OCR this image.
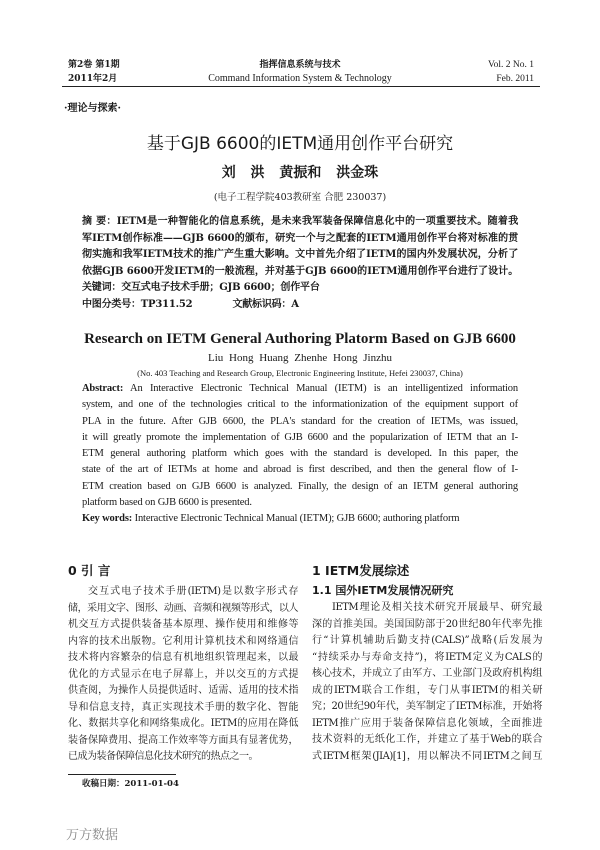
第2卷 第1期
2011年2月
指挥信息系统与技术
Command Information System & Technology
Vol. 2 No. 1
Feb. 2011
·理论与探索·
基于GJB 6600的IETM通用创作平台研究
刘 洪 黄振和 洪金珠
(电子工程学院403教研室 合肥 230037)
摘 要：IETM是一种智能化的信息系统，是未来我军装备保障信息化中的一项重要技术。随着我
军IETM创作标准——GJB 6600的颁布，研究一个与之配套的IETM通用创作平台将对标准的贯
彻实施和我军IETM技术的推广产生重大影响。文中首先介绍了IETM的国内外发展状况，分析了
依据GJB 6600开发IETM的一般流程，并对基于GJB 6600的IETM通用创作平台进行了设计。
关键词：交互式电子技术手册；GJB 6600；创作平台
中图分类号：TP311.52	文献标识码：A
Research on IETM General Authoring Platorm Based on GJB 6600
Liu Hong Huang Zhenhe Hong Jinzhu
(No. 403 Teaching and Research Group, Electronic Engineering Institute, Hefei 230037, China)
Abstract: An Interactive Electronic Technical Manual (IETM) is an intelligentized information
system, and one of the technologies critical to the informationization of the equipment support of
PLA in the future. After GJB 6600, the PLA's standard for the creation of IETMs, was issued,
it will greatly promote the implementation of GJB 6600 and the popularization of IETM that an I-
ETM general authoring platform which goes with the standard is developed. In this paper, the
state of the art of IETMs at home and abroad is first described, and then the general flow of I-
ETM creation based on GJB 6600 is analyzed. Finally, the design of an IETM general authoring
platform based on GJB 6600 is presented.
Key words: Interactive Electronic Technical Manual (IETM); GJB 6600; authoring platform
0 引 言
交互式电子技术手册(IETM)是以数字形式存
储，采用文字、图形、动画、音频和视频等形式，以人
机交互方式提供装备基本原理、操作使用和维修等
内容的技术出版物。它利用计算机技术和网络通信
技术将内容繁杂的信息有机地组织管理起来，以最
优化的方式显示在电子屏幕上，并以交互的方式提
供查阅，为操作人员提供适时、适需、适用的技术指
导和信息支持，真正实现技术手册的数字化、智能
化、数据共享化和网络集成化。IETM的应用在降低
装备保障费用、提高工作效率等方面具有显著优势，
已成为装备保障信息化技术研究的热点之一。
收稿日期：2011-01-04
1 IETM发展综述
1.1 国外IETM发展情况研究
IETM理论及相关技术研究开展最早、研究最
深的首推美国。美国国防部于20世纪80年代率先推
行“计算机辅助后勤支持(CALS)”战略(后发展为
“持续采办与寿命支持”)，将IETM定义为CALS的
核心技术，并成立了由军方、工业部门及政府机构组
成的IETM联合工作组，专门从事IETM的相关研
究；20世纪90年代，美军制定了IETM标准，开始将
IETM推广应用于装备保障信息化领域，全面推进
技术资料的无纸化工作，并建立了基于Web的联合
式IETM框架(JIA)[1]，用以解决不同IETM之间互
万方数据
